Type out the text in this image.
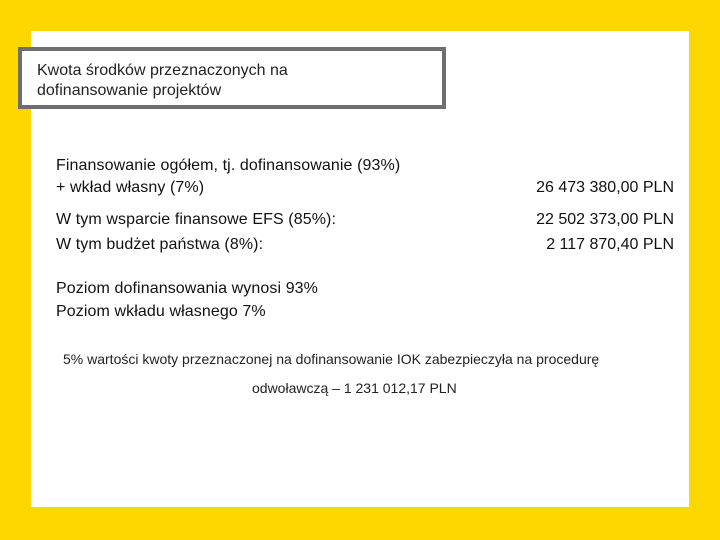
Kwota środków przeznaczonych na
dofinansowanie projektów
Finansowanie ogółem, tj. dofinansowanie (93%)
+ wkład własny (7%)	26 473 380,00 PLN
W tym wsparcie finansowe EFS (85%):	22 502 373,00 PLN
W tym budżet państwa (8%):	2 117 870,40 PLN
Poziom dofinansowania wynosi 93%
Poziom wkładu własnego 7%
5% wartości kwoty przeznaczonej na dofinansowanie IOK zabezpieczyła na procedurę
odwoławczą – 1 231 012,17 PLN
